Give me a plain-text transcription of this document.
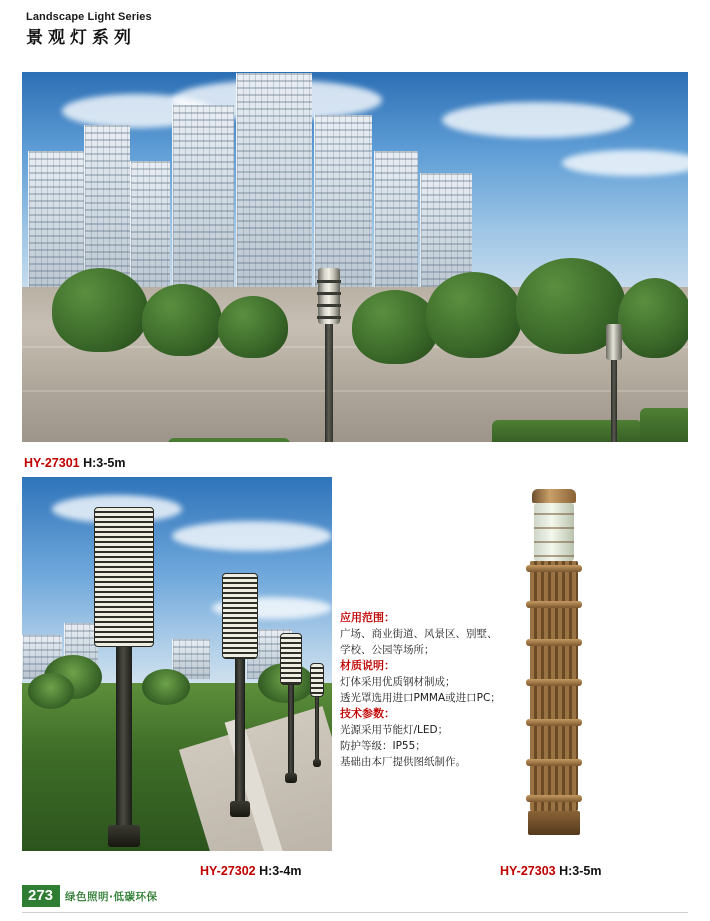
Landscape Light Series
景观灯系列
HY-27301 H:3-5m
应用范围：
广场、商业街道、风景区、别墅、
学校、公园等场所；
材质说明：
灯体采用优质钢材制成；
透光罩选用进口PMMA或进口PC；
技术参数：
光源采用节能灯/LED；
防护等级：IP55；
基础由本厂提供图纸制作。
HY-27302 H:3-4m	HY-27303 H:3-5m
273	绿色照明·低碳环保
